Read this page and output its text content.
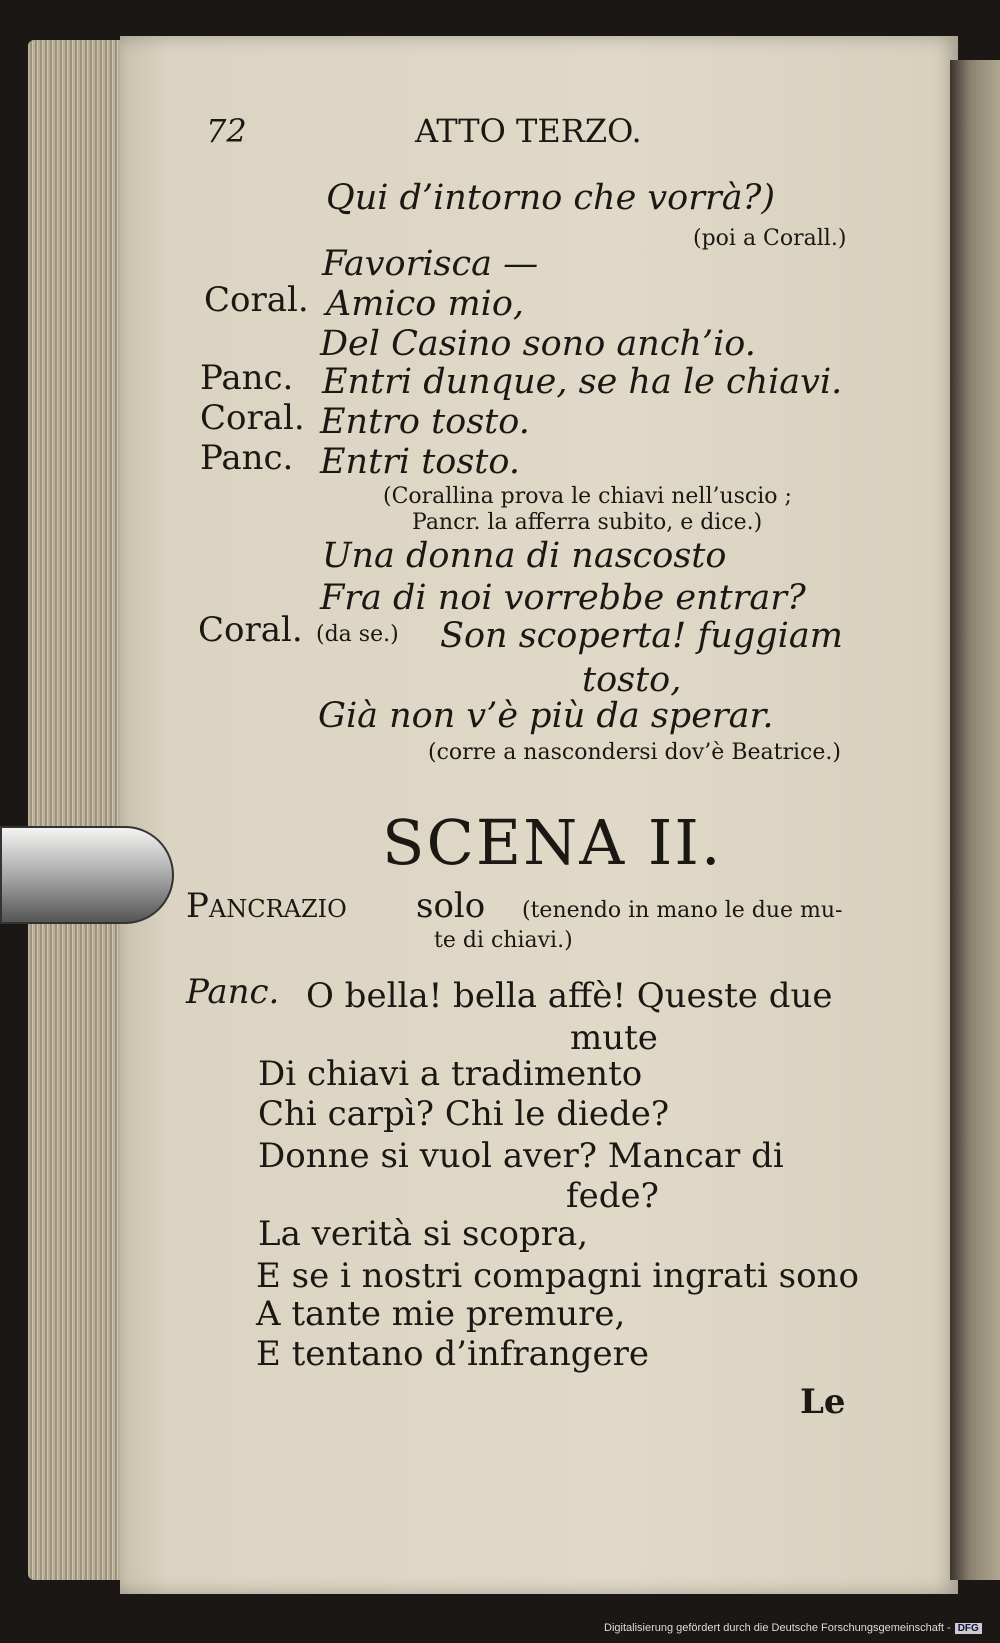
72	ATTO TERZO.
Qui d’intorno che vorrà?)
(poi a Corall.)
Favorisca —
Coral. Amico mio,
Del Casino sono anch’io.
Panc. Entri dunque, se ha le chiavi.
Coral. Entro tosto.
Panc. Entri tosto.
(Corallina prova le chiavi nell’uscio ;
Pancr. la afferra subito, e dice.)
Una donna di nascosto
Fra di noi vorrebbe entrar?
Coral. (da se.) Son scoperta! fuggiam
tosto,
Già non v’è più da sperar.
(corre a nascondersi dov’è Beatrice.)
SCENA II.
Pancrazio solo (tenendo in mano le due mu-
te di chiavi.)
Panc. O bella! bella affè! Queste due
mute
Di chiavi a tradimento
Chi carpì? Chi le diede?
Donne si vuol aver? Mancar di
fede?
La verità si scopra,
E se i nostri compagni ingrati sono
A tante mie premure,
E tentano d’infrangere
Le
Digitalisierung gefördert durch die Deutsche Forschungsgemeinschaft - DFG
